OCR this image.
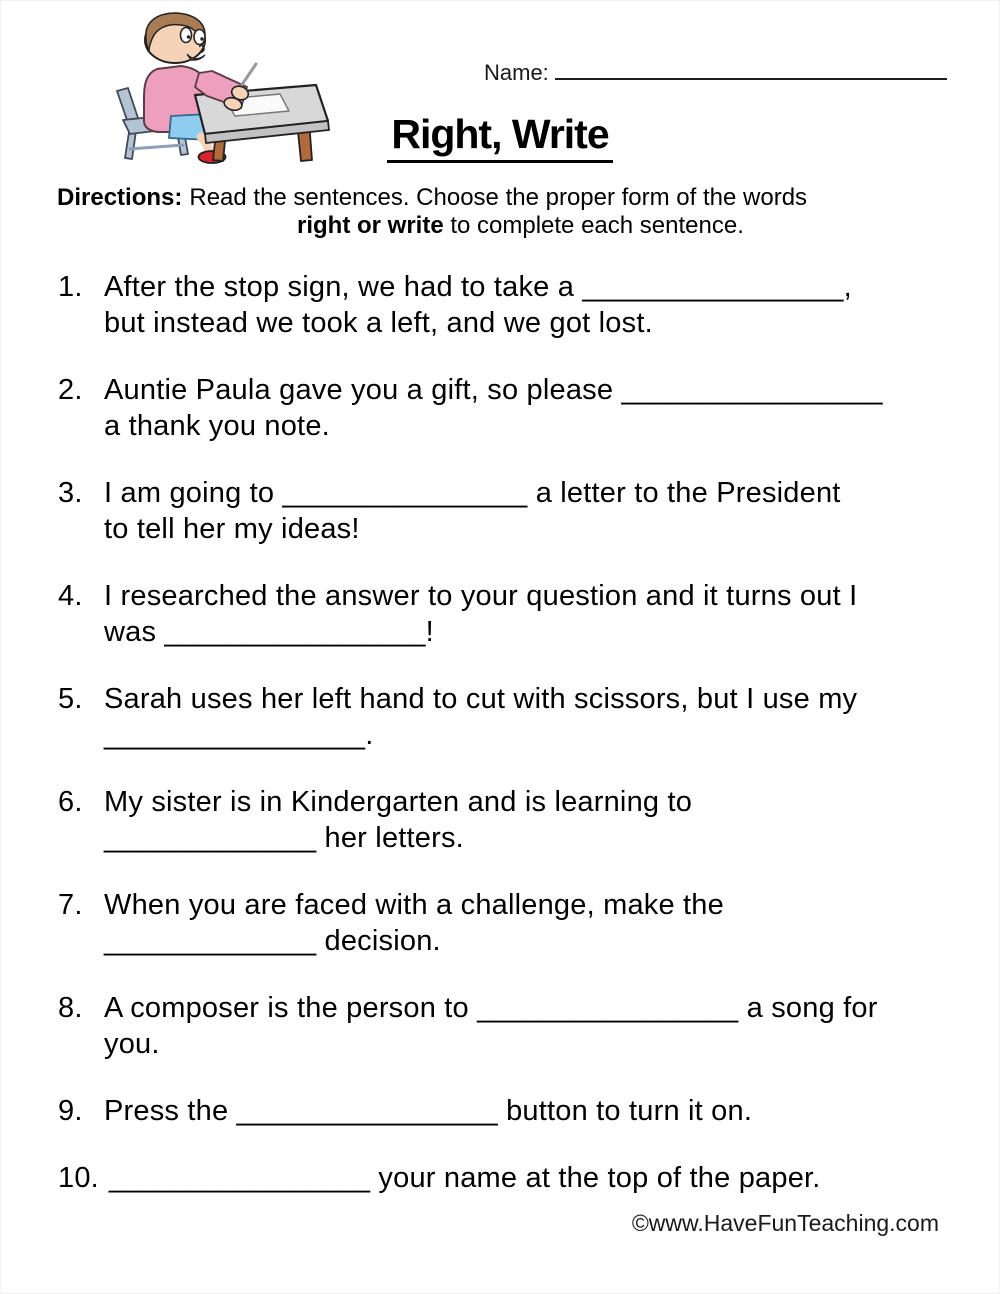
Name:
Right, Write
Directions: Read the sentences. Choose the proper form of the words
right or write to complete each sentence.
1. After the stop sign, we had to take a ________________,
but instead we took a left, and we got lost.
2. Auntie Paula gave you a gift, so please ________________
a thank you note.
3. I am going to _______________ a letter to the President
to tell her my ideas!
4. I researched the answer to your question and it turns out I
was ________________!
5. Sarah uses her left hand to cut with scissors, but I use my
________________.
6. My sister is in Kindergarten and is learning to
_____________ her letters.
7. When you are faced with a challenge, make the
_____________ decision.
8. A composer is the person to ________________ a song for
you.
9. Press the ________________ button to turn it on.
10. ________________ your name at the top of the paper.
©www.HaveFunTeaching.com
